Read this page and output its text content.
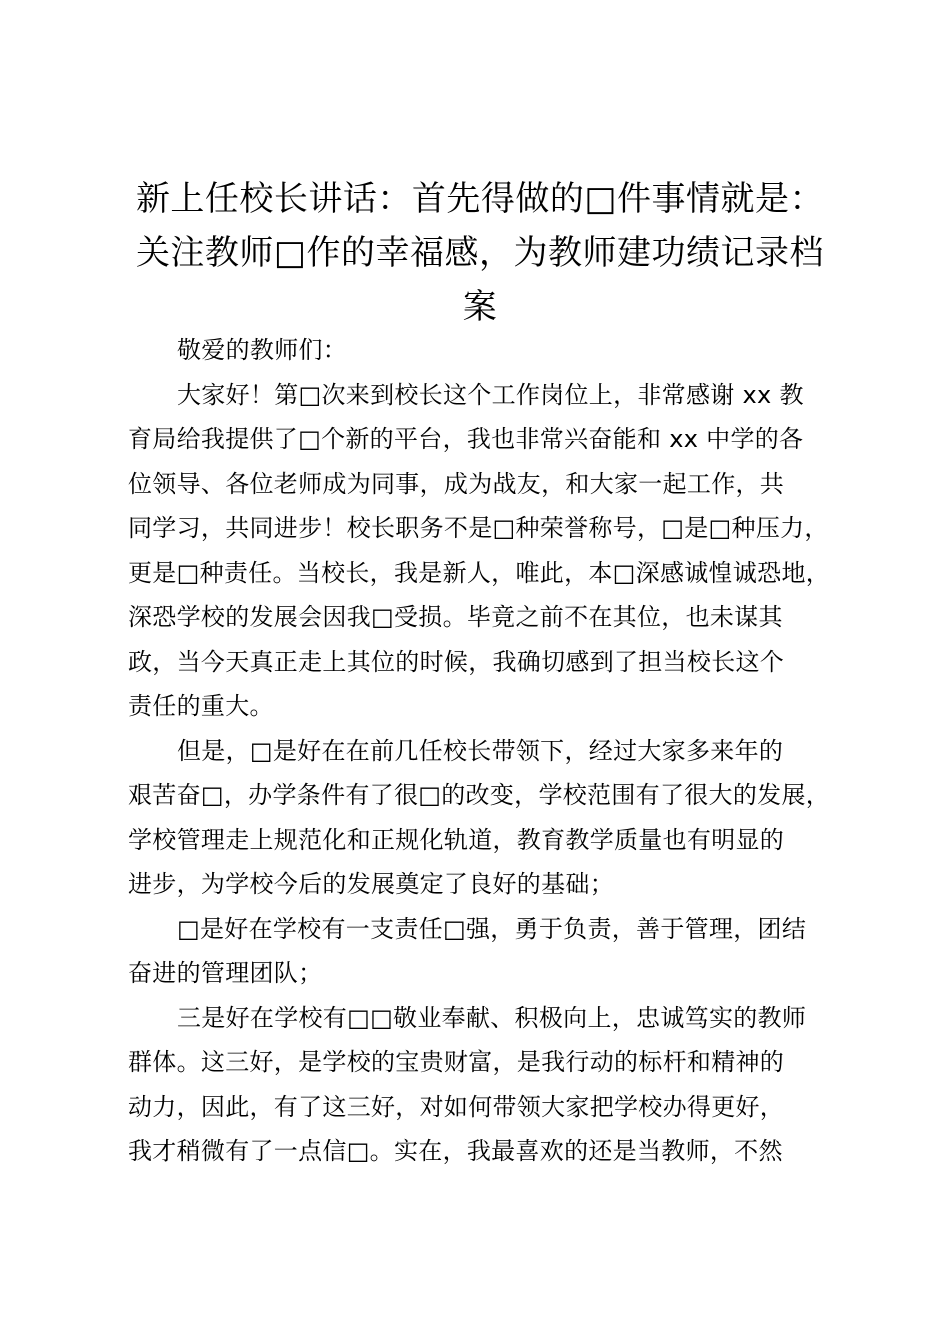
新上任校长讲话：首先得做的□件事情就是：
关注教师□作的幸福感，为教师建功绩记录档
案

敬爱的教师们：

大家好！第□次来到校长这个工作岗位上，非常感谢 xx 教
育局给我提供了□个新的平台，我也非常兴奋能和 xx 中学的各
位领导、各位老师成为同事，成为战友，和大家一起工作，共
同学习，共同进步！校长职务不是□种荣誉称号，□是□种压力，
更是□种责任。当校长，我是新人，唯此，本□深感诚惶诚恐地，
深恐学校的发展会因我□受损。毕竟之前不在其位，也未谋其
政，当今天真正走上其位的时候，我确切感到了担当校长这个
责任的重大。

但是，□是好在在前几任校长带领下，经过大家多来年的
艰苦奋□，办学条件有了很□的改变，学校范围有了很大的发展，
学校管理走上规范化和正规化轨道，教育教学质量也有明显的
进步，为学校今后的发展奠定了良好的基础；

□是好在学校有一支责任□强，勇于负责，善于管理，团结
奋进的管理团队；

三是好在学校有□□敬业奉献、积极向上，忠诚笃实的教师
群体。这三好，是学校的宝贵财富，是我行动的标杆和精神的
动力，因此，有了这三好，对如何带领大家把学校办得更好，
我才稍微有了一点信□。实在，我最喜欢的还是当教师，不然
